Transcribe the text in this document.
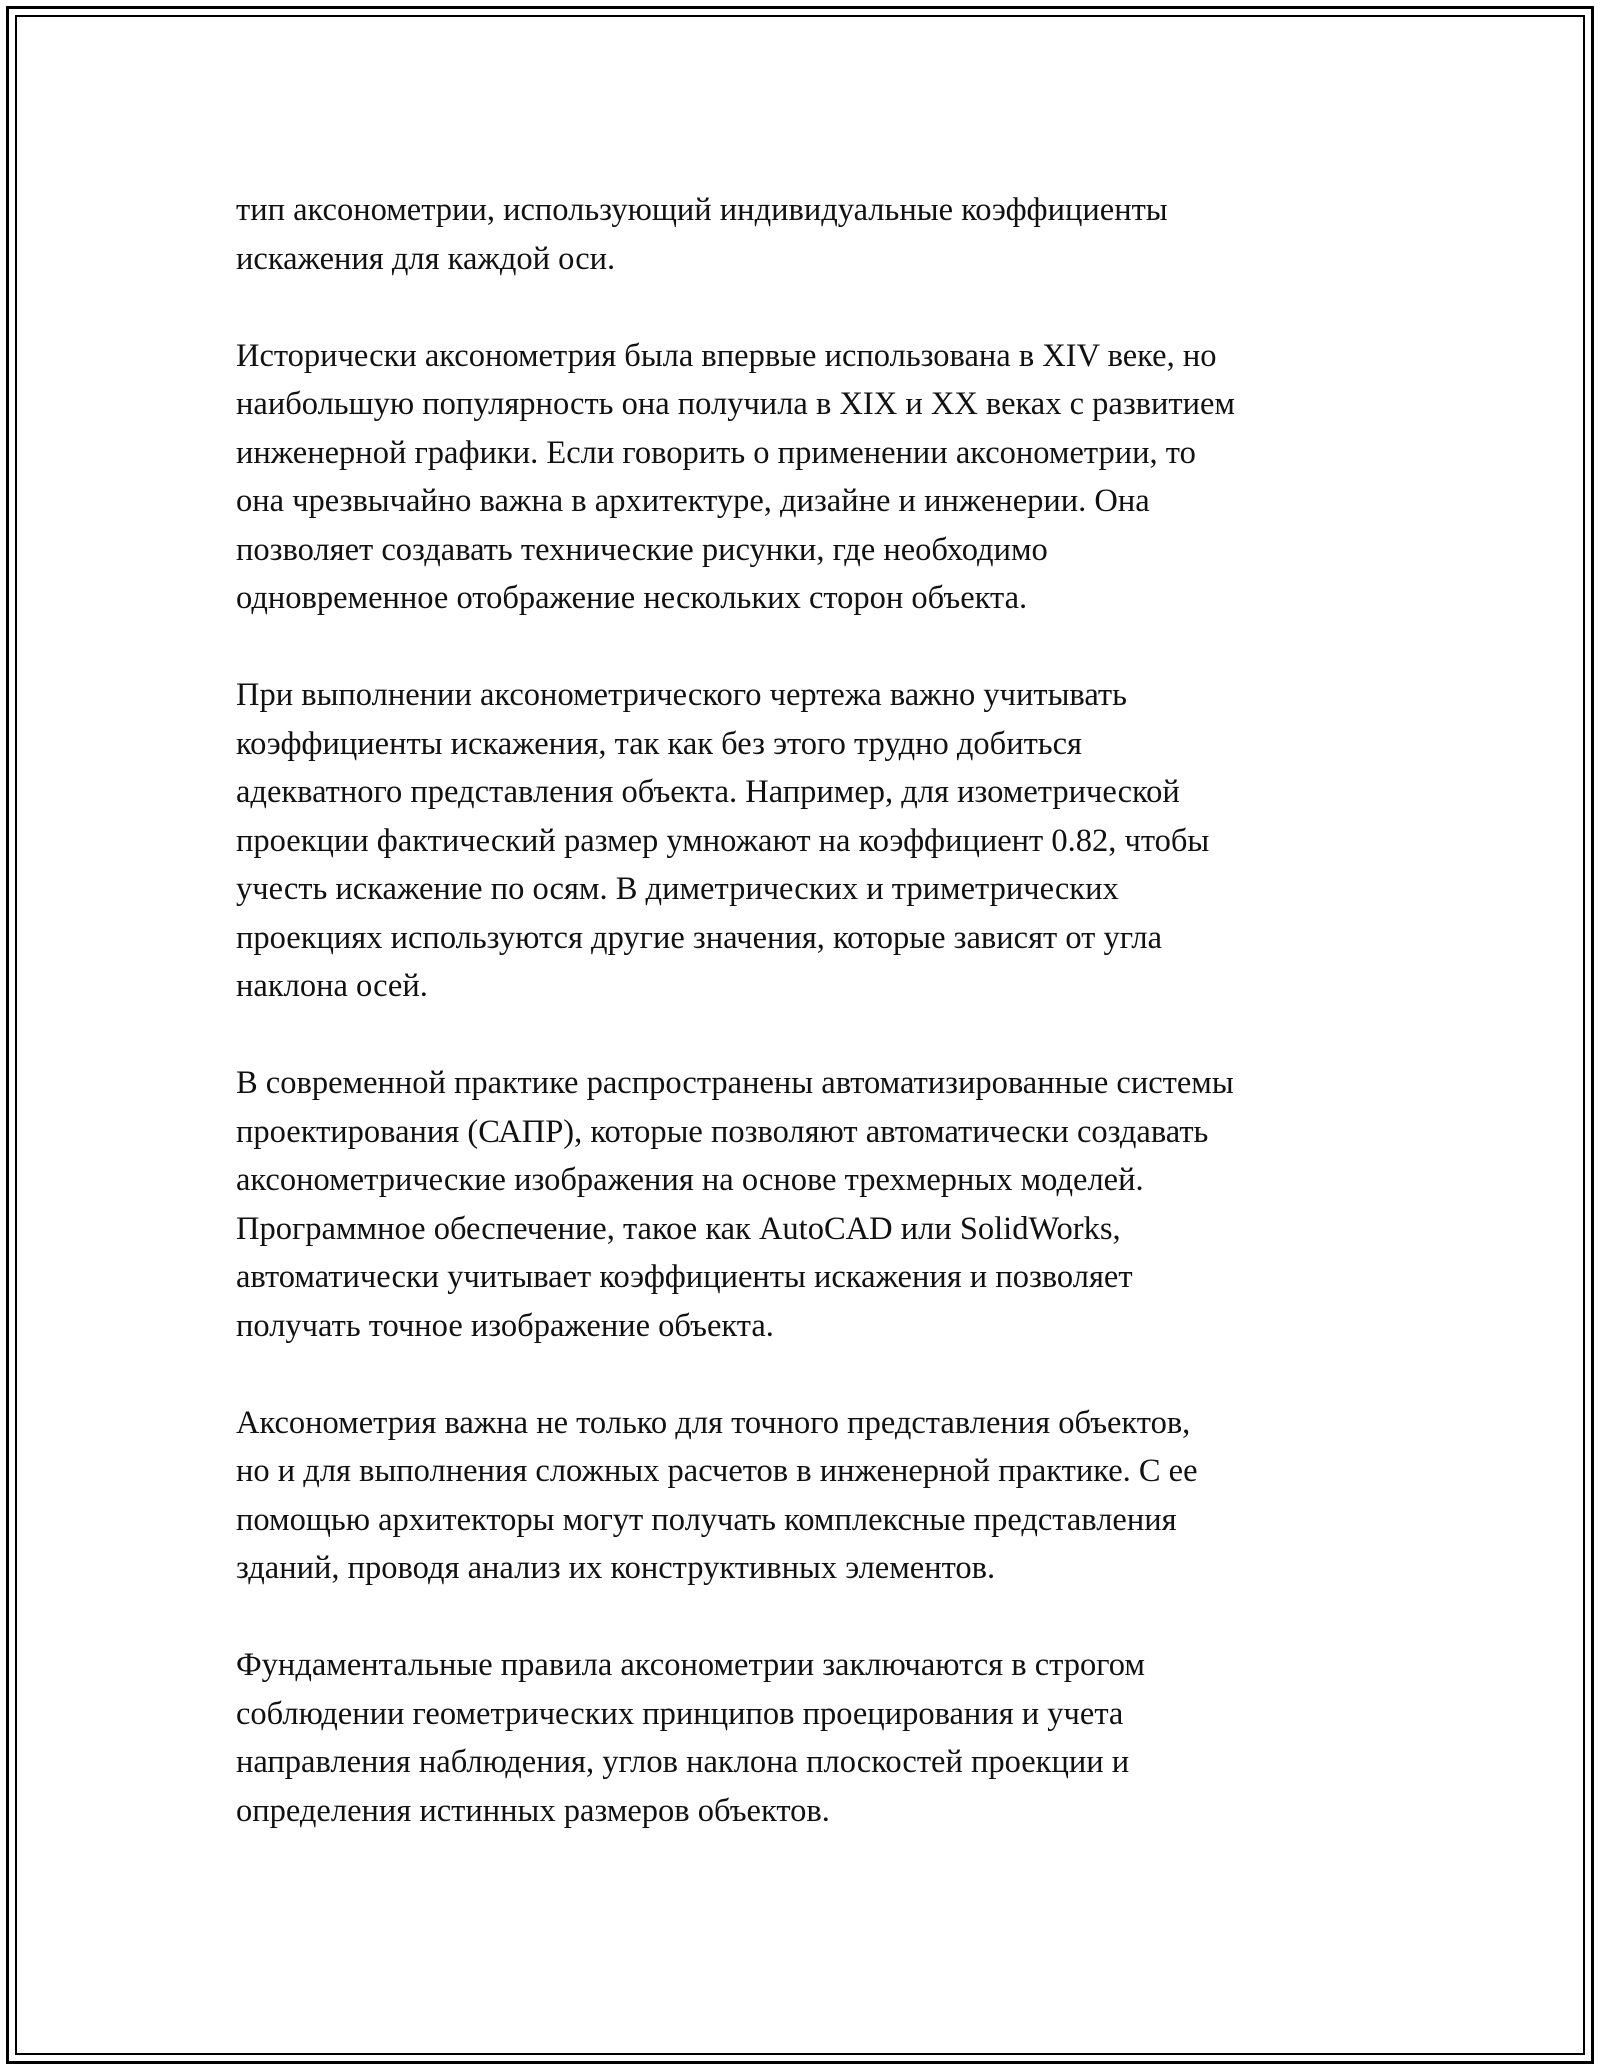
тип аксонометрии, использующий индивидуальные коэффициенты
искажения для каждой оси.

Исторически аксонометрия была впервые использована в XIV веке, но
наибольшую популярность она получила в XIX и XX веках с развитием
инженерной графики. Если говорить о применении аксонометрии, то
она чрезвычайно важна в архитектуре, дизайне и инженерии. Она
позволяет создавать технические рисунки, где необходимо
одновременное отображение нескольких сторон объекта.

При выполнении аксонометрического чертежа важно учитывать
коэффициенты искажения, так как без этого трудно добиться
адекватного представления объекта. Например, для изометрической
проекции фактический размер умножают на коэффициент 0.82, чтобы
учесть искажение по осям. В диметрических и триметрических
проекциях используются другие значения, которые зависят от угла
наклона осей.

В современной практике распространены автоматизированные системы
проектирования (САПР), которые позволяют автоматически создавать
аксонометрические изображения на основе трехмерных моделей.
Программное обеспечение, такое как AutoCAD или SolidWorks,
автоматически учитывает коэффициенты искажения и позволяет
получать точное изображение объекта.

Аксонометрия важна не только для точного представления объектов,
но и для выполнения сложных расчетов в инженерной практике. С ее
помощью архитекторы могут получать комплексные представления
зданий, проводя анализ их конструктивных элементов.

Фундаментальные правила аксонометрии заключаются в строгом
соблюдении геометрических принципов проецирования и учета
направления наблюдения, углов наклона плоскостей проекции и
определения истинных размеров объектов.
